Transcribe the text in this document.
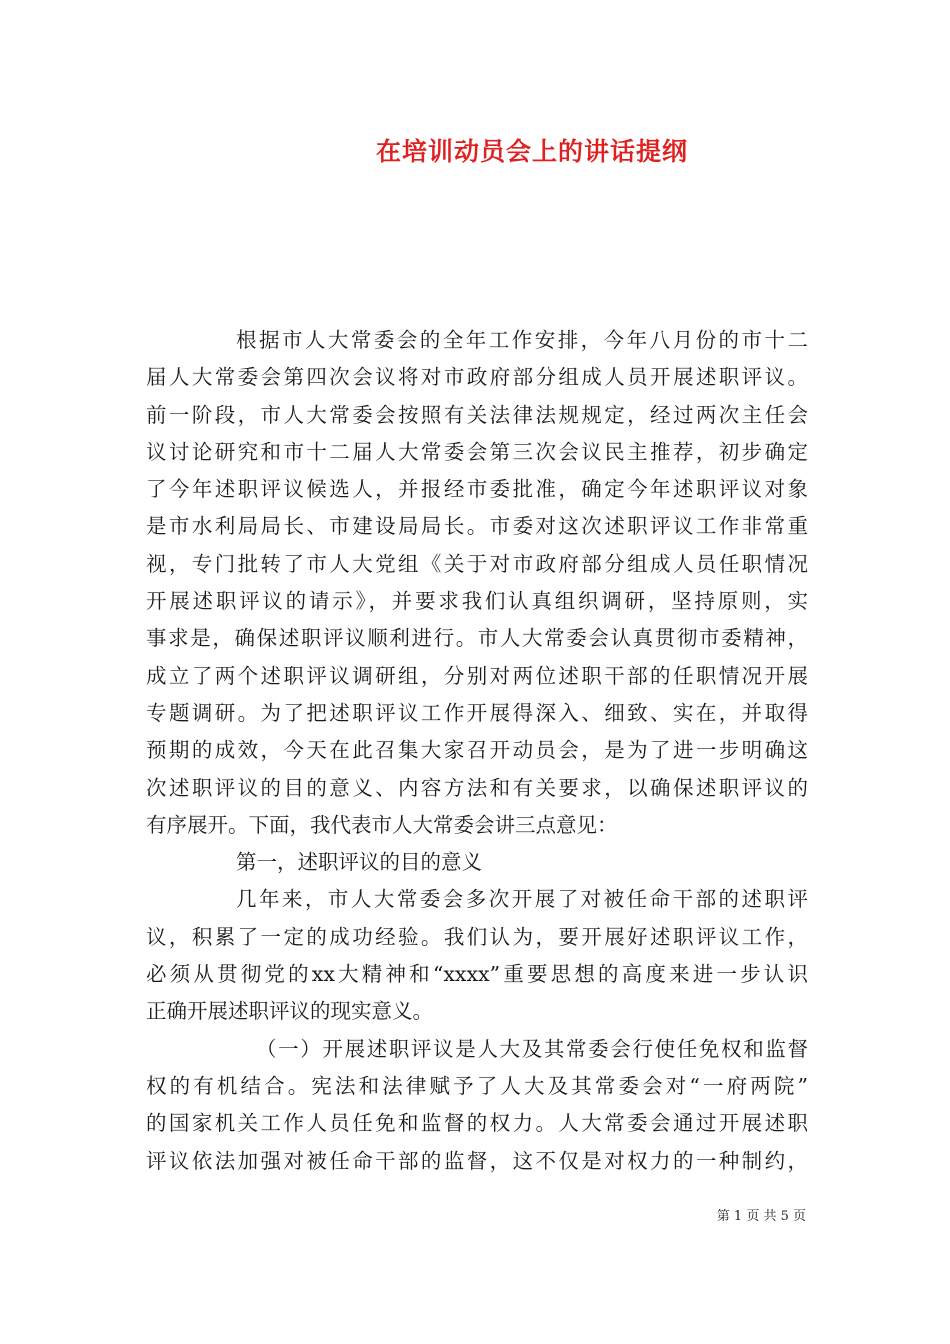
在培训动员会上的讲话提纲
根据市人大常委会的全年工作安排，今年八月份的市十二
届人大常委会第四次会议将对市政府部分组成人员开展述职评议。
前一阶段，市人大常委会按照有关法律法规规定，经过两次主任会
议讨论研究和市十二届人大常委会第三次会议民主推荐，初步确定
了今年述职评议候选人，并报经市委批准，确定今年述职评议对象
是市水利局局长、市建设局局长。市委对这次述职评议工作非常重
视，专门批转了市人大党组《关于对市政府部分组成人员任职情况
开展述职评议的请示》，并要求我们认真组织调研，坚持原则，实
事求是，确保述职评议顺利进行。市人大常委会认真贯彻市委精神，
成立了两个述职评议调研组，分别对两位述职干部的任职情况开展
专题调研。为了把述职评议工作开展得深入、细致、实在，并取得
预期的成效，今天在此召集大家召开动员会，是为了进一步明确这
次述职评议的目的意义、内容方法和有关要求，以确保述职评议的
有序展开。下面，我代表市人大常委会讲三点意见：
第一，述职评议的目的意义
几年来，市人大常委会多次开展了对被任命干部的述职评
议，积累了一定的成功经验。我们认为，要开展好述职评议工作，
必须从贯彻党的xx大精神和“xxxx”重要思想的高度来进一步认识
正确开展述职评议的现实意义。
（一）开展述职评议是人大及其常委会行使任免权和监督
权的有机结合。宪法和法律赋予了人大及其常委会对“一府两院”
的国家机关工作人员任免和监督的权力。人大常委会通过开展述职
评议依法加强对被任命干部的监督，这不仅是对权力的一种制约，
第 1 页 共 5 页
